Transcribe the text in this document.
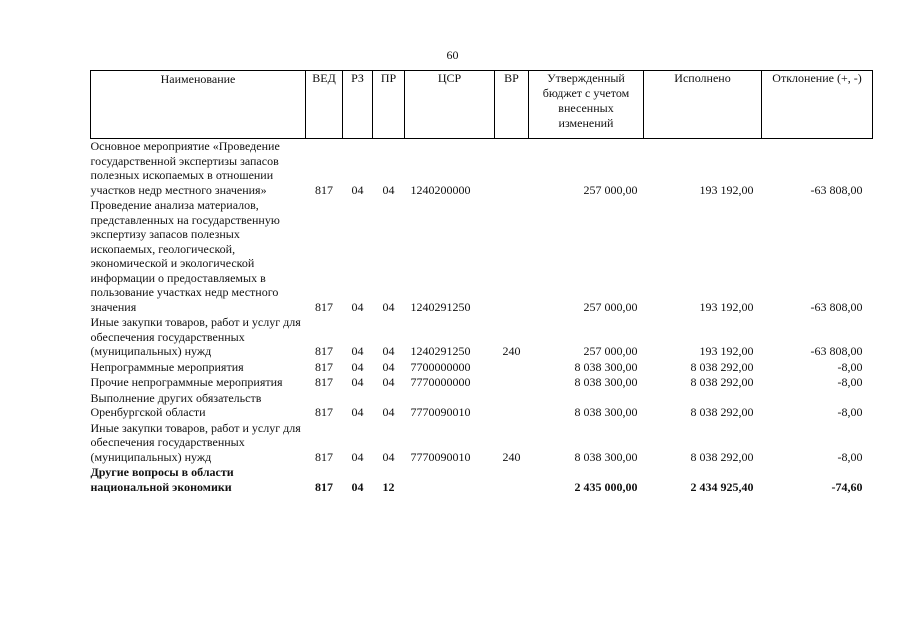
60
Наименование	ВЕД	РЗ	ПР	ЦСР	ВР	Утвержденный бюджет с учетом внесенных изменений	Исполнено	Отклонение (+, -)
Основное мероприятие «Проведение государственной экспертизы запасов полезных ископаемых в отношении участков недр местного значения»	817	04	04	1240200000		257 000,00	193 192,00	-63 808,00
Проведение анализа материалов, представленных на государственную экспертизу запасов полезных ископаемых, геологической, экономической и экологической информации о предоставляемых в пользование участках недр местного значения	817	04	04	1240291250		257 000,00	193 192,00	-63 808,00
Иные закупки товаров, работ и услуг для обеспечения государственных (муниципальных) нужд	817	04	04	1240291250	240	257 000,00	193 192,00	-63 808,00
Непрограммные мероприятия	817	04	04	7700000000		8 038 300,00	8 038 292,00	-8,00
Прочие непрограммные мероприятия	817	04	04	7770000000		8 038 300,00	8 038 292,00	-8,00
Выполнение других обязательств Оренбургской области	817	04	04	7770090010		8 038 300,00	8 038 292,00	-8,00
Иные закупки товаров, работ и услуг для обеспечения государственных (муниципальных) нужд	817	04	04	7770090010	240	8 038 300,00	8 038 292,00	-8,00
Другие вопросы в области национальной экономики	817	04	12			2 435 000,00	2 434 925,40	-74,60
